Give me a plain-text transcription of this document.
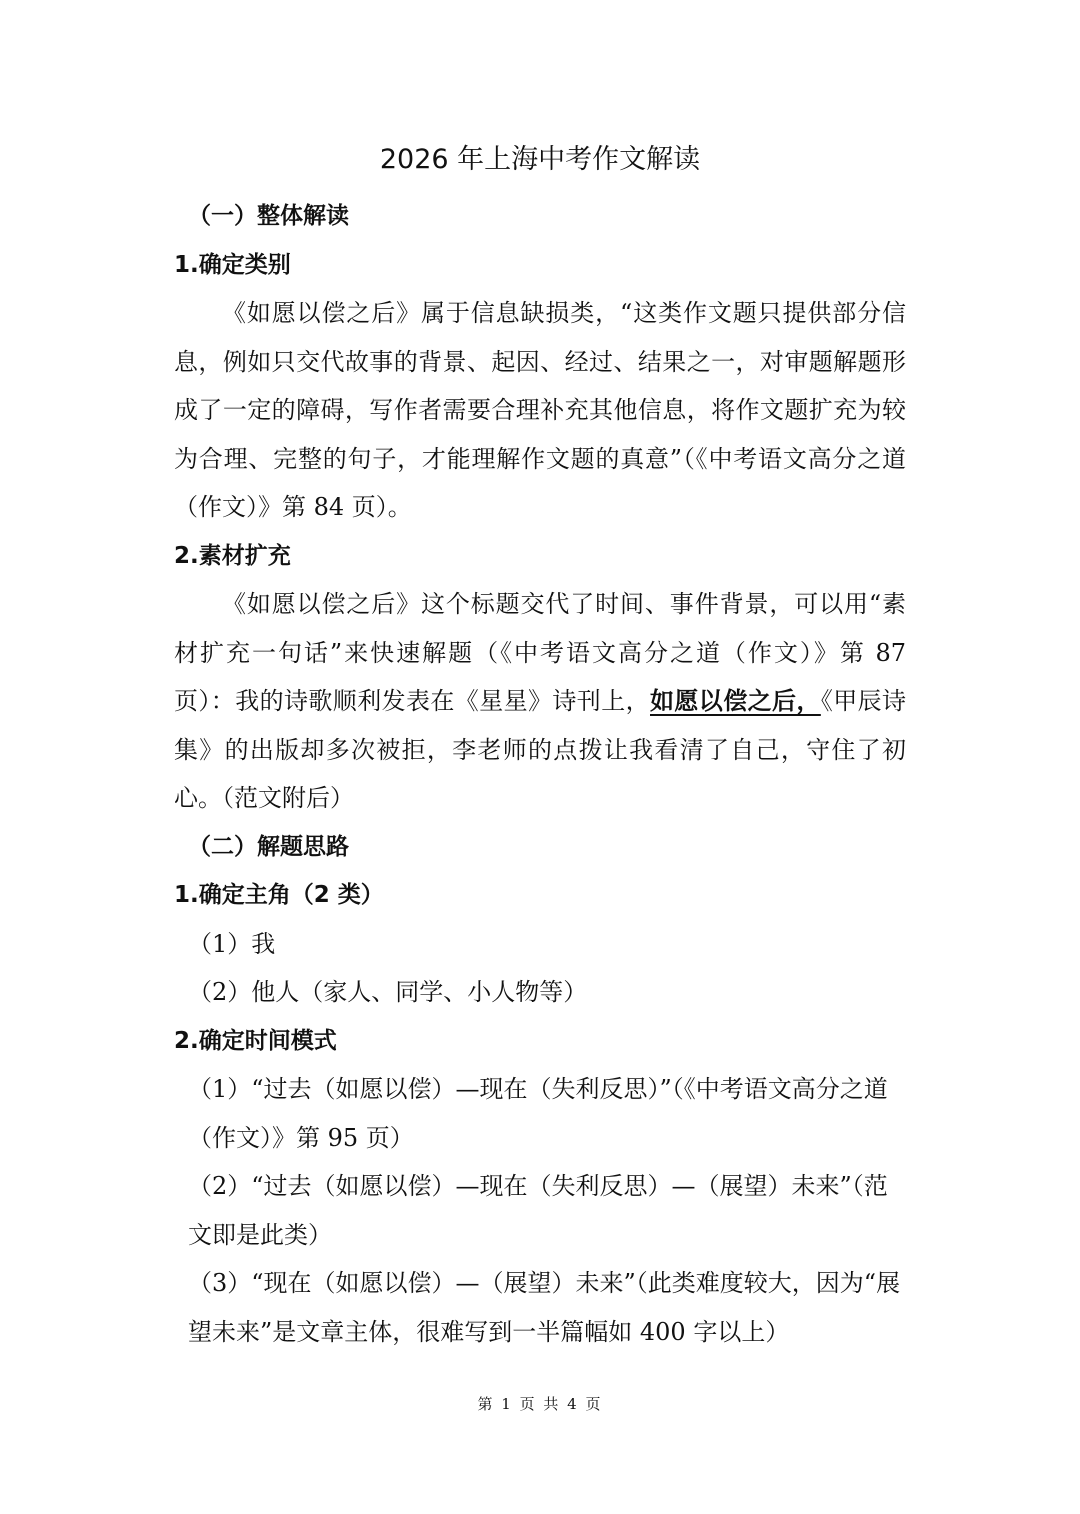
2026 年上海中考作文解读

（一）整体解读

1.确定类别

《如愿以偿之后》属于信息缺损类，“这类作文题只提供部分信息，例如只交代故事的背景、起因、经过、结果之一，对审题解题形成了一定的障碍，写作者需要合理补充其他信息，将作文题扩充为较为合理、完整的句子，才能理解作文题的真意”（《中考语文高分之道（作文）》第 84 页）。

2.素材扩充

《如愿以偿之后》这个标题交代了时间、事件背景，可以用“素材扩充一句话”来快速解题（《中考语文高分之道（作文）》第 87 页）：我的诗歌顺利发表在《星星》诗刊上，如愿以偿之后，《甲辰诗集》的出版却多次被拒，李老师的点拨让我看清了自己，守住了初心。（范文附后）

（二）解题思路

1.确定主角（2 类）

（1）我

（2）他人（家人、同学、小人物等）

2.确定时间模式

（1）“过去（如愿以偿）—现在（失利反思）”（《中考语文高分之道（作文）》第 95 页）

（2）“过去（如愿以偿）—现在（失利反思）—（展望）未来”（范文即是此类）

（3）“现在（如愿以偿）—（展望）未来”（此类难度较大，因为“展望未来”是文章主体，很难写到一半篇幅如 400 字以上）

第 1 页 共 4 页
